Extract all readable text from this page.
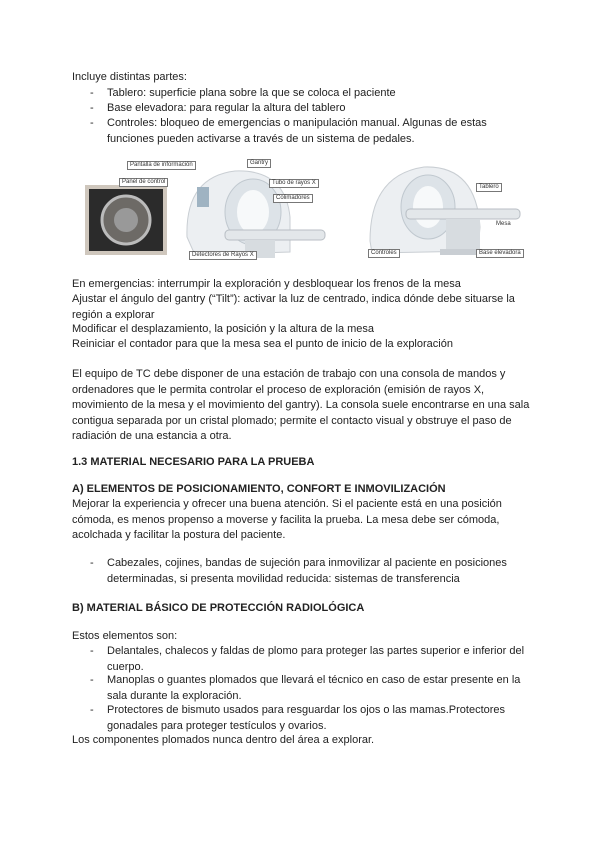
Incluye distintas partes:
- Tablero: superficie plana sobre la que se coloca el paciente
- Base elevadora: para regular la altura del tablero
- Controles: bloqueo de emergencias o manipulación manual. Algunas de estas funciones pueden activarse a través de un sistema de pedales.
Pantalla de información
Panel de control
Gantry
Tubo de rayos X
Colimadores
Detectores de Rayos X
Tablero
Mesa
Controles	Base elevadora
En emergencias: interrumpir la exploración y desbloquear los frenos de la mesa
Ajustar el ángulo del gantry (“Tilt”): activar la luz de centrado, indica dónde debe situarse la región a explorar
Modificar el desplazamiento, la posición y la altura de la mesa
Reiniciar el contador para que la mesa sea el punto de inicio de la exploración
El equipo de TC debe disponer de una estación de trabajo con una consola de mandos y ordenadores que le permita controlar el proceso de exploración (emisión de rayos X, movimiento de la mesa y el movimiento del gantry). La consola suele encontrarse en una sala contigua separada por un cristal plomado; permite el contacto visual y obstruye el paso de radiación de una estancia a otra.
1.3 MATERIAL NECESARIO PARA LA PRUEBA
A) ELEMENTOS DE POSICIONAMIENTO, CONFORT E INMOVILIZACIÓN
Mejorar la experiencia y ofrecer una buena atención. Si el paciente está en una posición cómoda, es menos propenso a moverse y facilita la prueba. La mesa debe ser cómoda, acolchada y facilitar la postura del paciente.
- Cabezales, cojines, bandas de sujeción para inmovilizar al paciente en posiciones determinadas, si presenta movilidad reducida: sistemas de transferencia
B) MATERIAL BÁSICO DE PROTECCIÓN RADIOLÓGICA
Estos elementos son:
- Delantales, chalecos y faldas de plomo para proteger las partes superior e inferior del cuerpo.
- Manoplas o guantes plomados que llevará el técnico en caso de estar presente en la sala durante la exploración.
- Protectores de bismuto usados para resguardar los ojos o las mamas.Protectores gonadales para proteger testículos y ovarios.
Los componentes plomados nunca dentro del área a explorar.
